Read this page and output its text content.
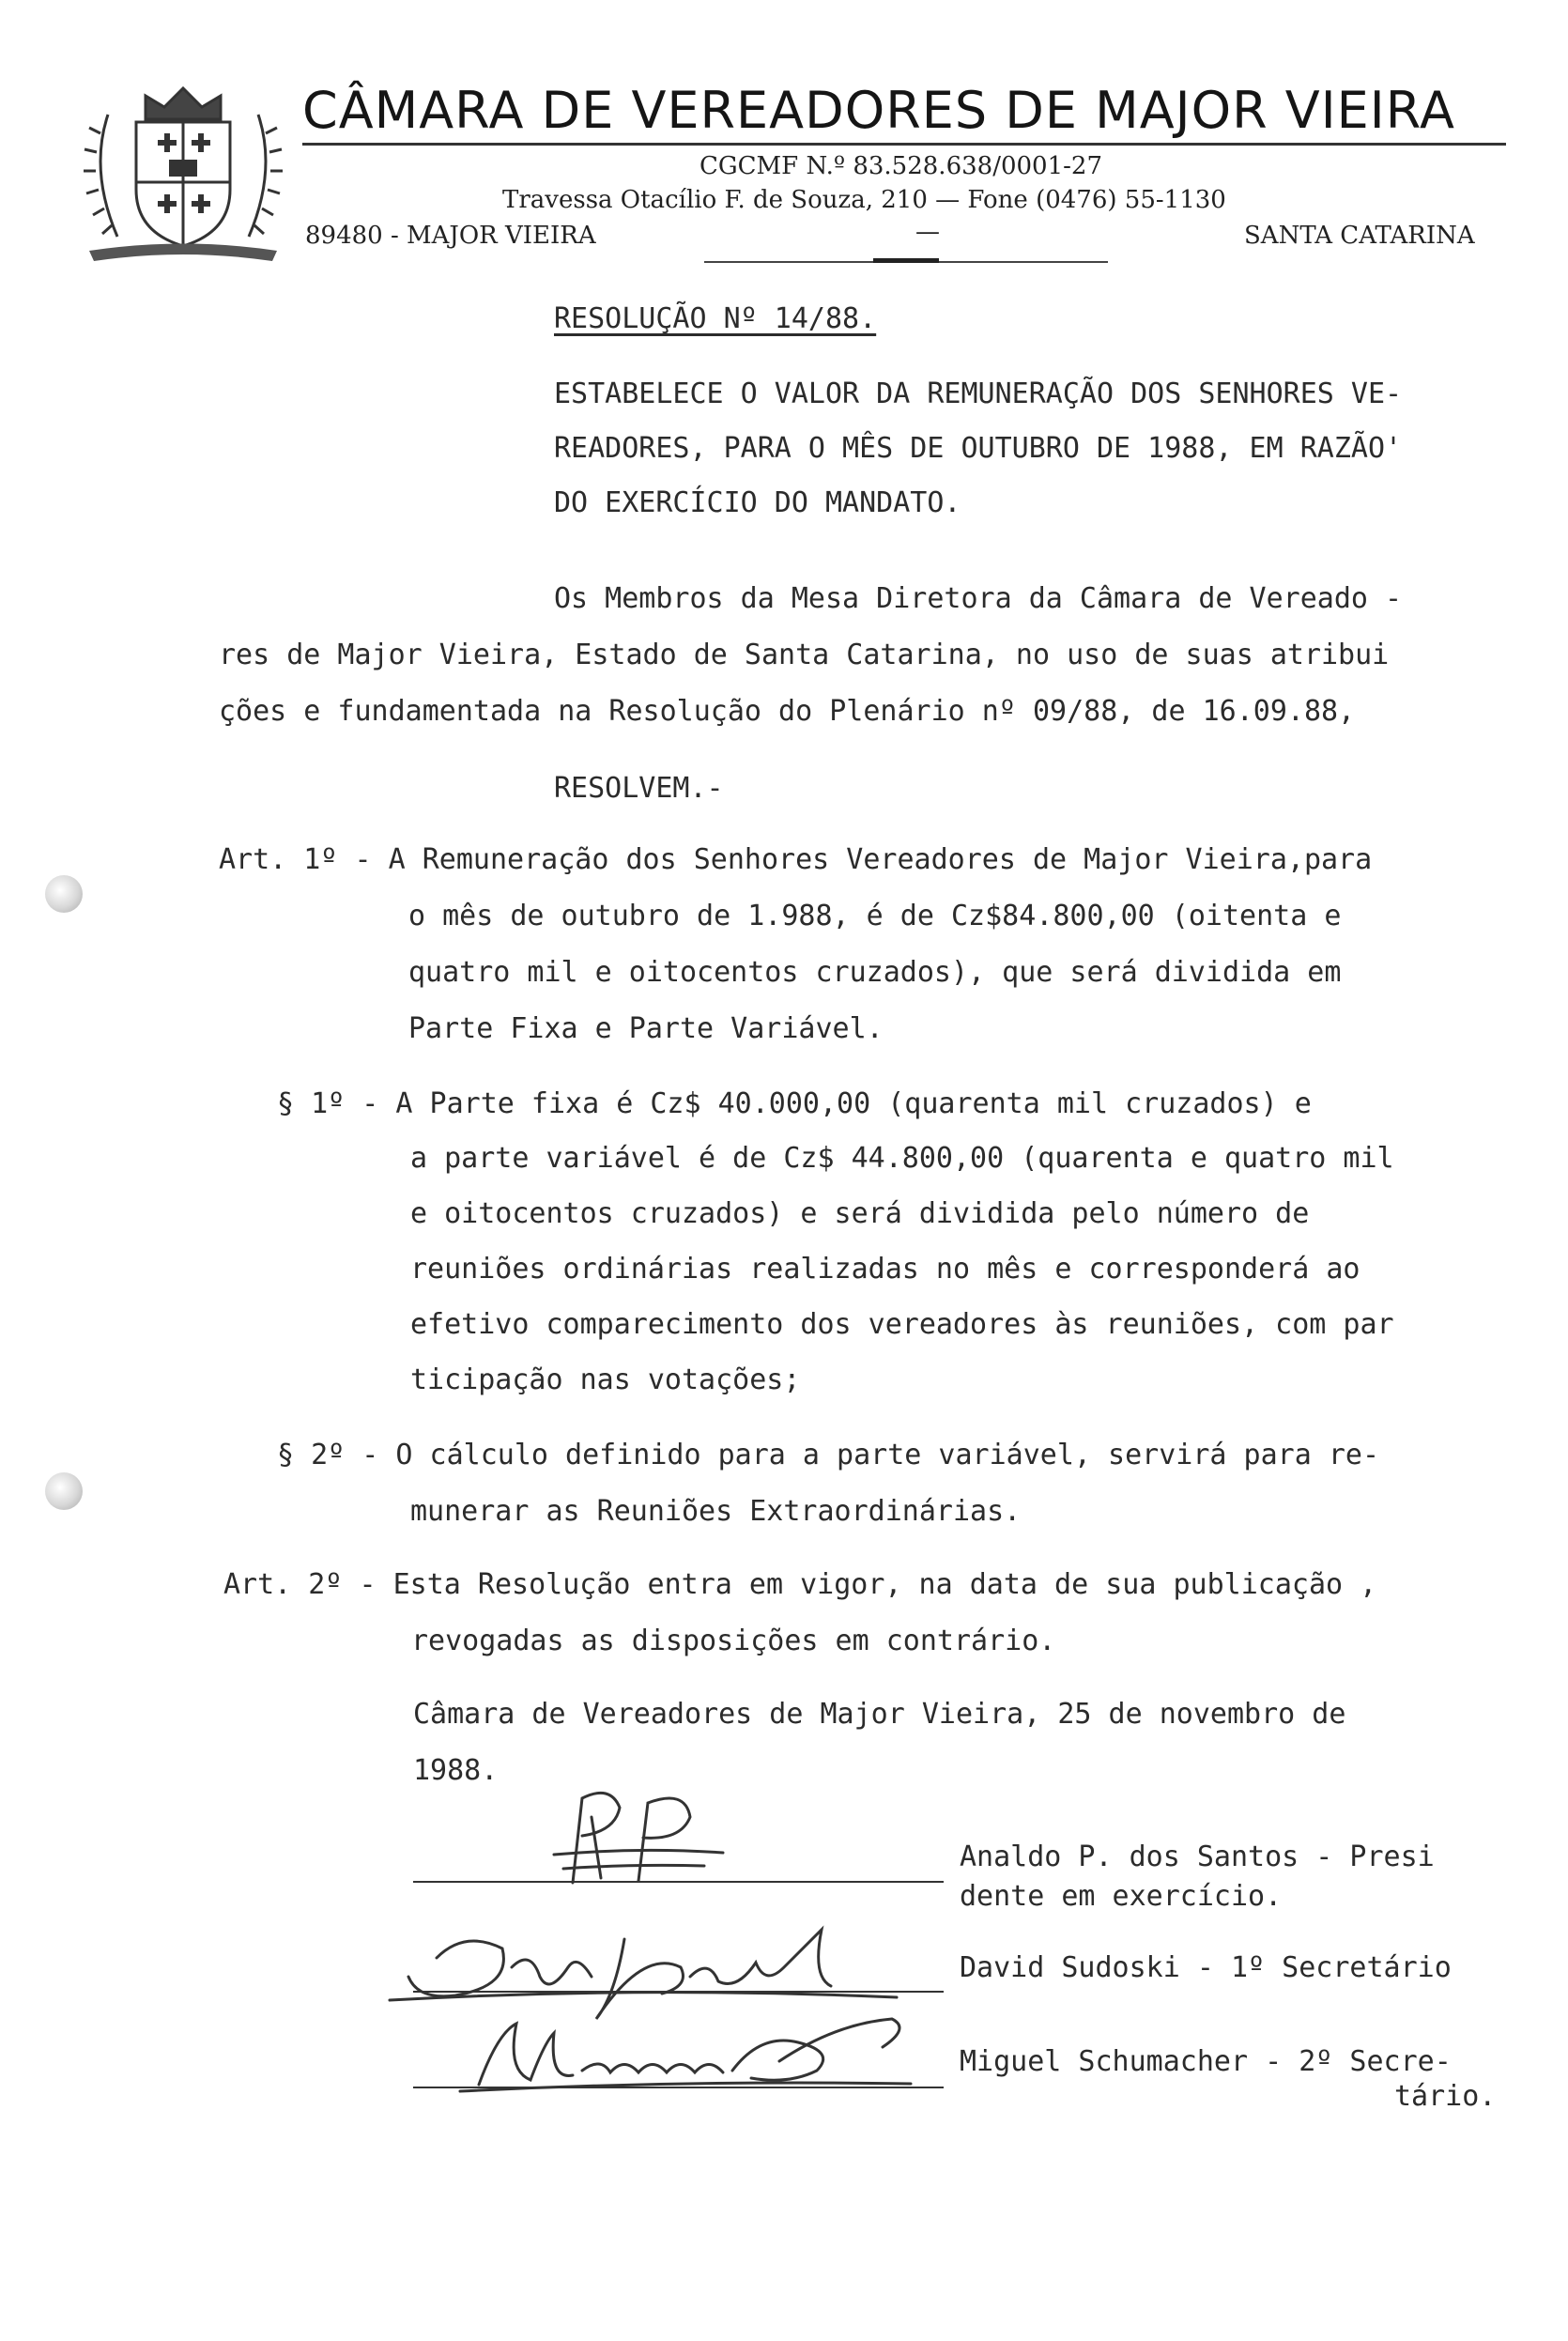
CÂMARA DE VEREADORES DE MAJOR VIEIRA
CGCMF N.º 83.528.638/0001-27
Travessa Otacílio F. de Souza, 210 — Fone (0476) 55-1130
89480 - MAJOR VIEIRA	—	SANTA CATARINA
RESOLUÇÃO Nº 14/88.
ESTABELECE O VALOR DA REMUNERAÇÃO DOS SENHORES VE-
READORES, PARA O MÊS DE OUTUBRO DE 1988, EM RAZÃO'
DO EXERCÍCIO DO MANDATO.
Os Membros da Mesa Diretora da Câmara de Vereado -
res de Major Vieira, Estado de Santa Catarina, no uso de suas atribui
ções e fundamentada na Resolução do Plenário nº 09/88, de 16.09.88,
RESOLVEM.-
Art. 1º - A Remuneração dos Senhores Vereadores de Major Vieira,para
o mês de outubro de 1.988, é de Cz$84.800,00 (oitenta e
quatro mil e oitocentos cruzados), que será dividida em
Parte Fixa e Parte Variável.
§ 1º - A Parte fixa é Cz$ 40.000,00 (quarenta mil cruzados) e
a parte variável é de Cz$ 44.800,00 (quarenta e quatro mil
e oitocentos cruzados) e será dividida pelo número de
reuniões ordinárias realizadas no mês e corresponderá ao
efetivo comparecimento dos vereadores às reuniões, com par
ticipação nas votações;
§ 2º - O cálculo definido para a parte variável, servirá para re-
munerar as Reuniões Extraordinárias.
Art. 2º - Esta Resolução entra em vigor, na data de sua publicação ,
revogadas as disposições em contrário.
Câmara de Vereadores de Major Vieira, 25 de novembro de
1988.
Analdo P. dos Santos - Presi
dente em exercício.
David Sudoski - 1º Secretário
Miguel Schumacher - 2º Secre-
tário.
